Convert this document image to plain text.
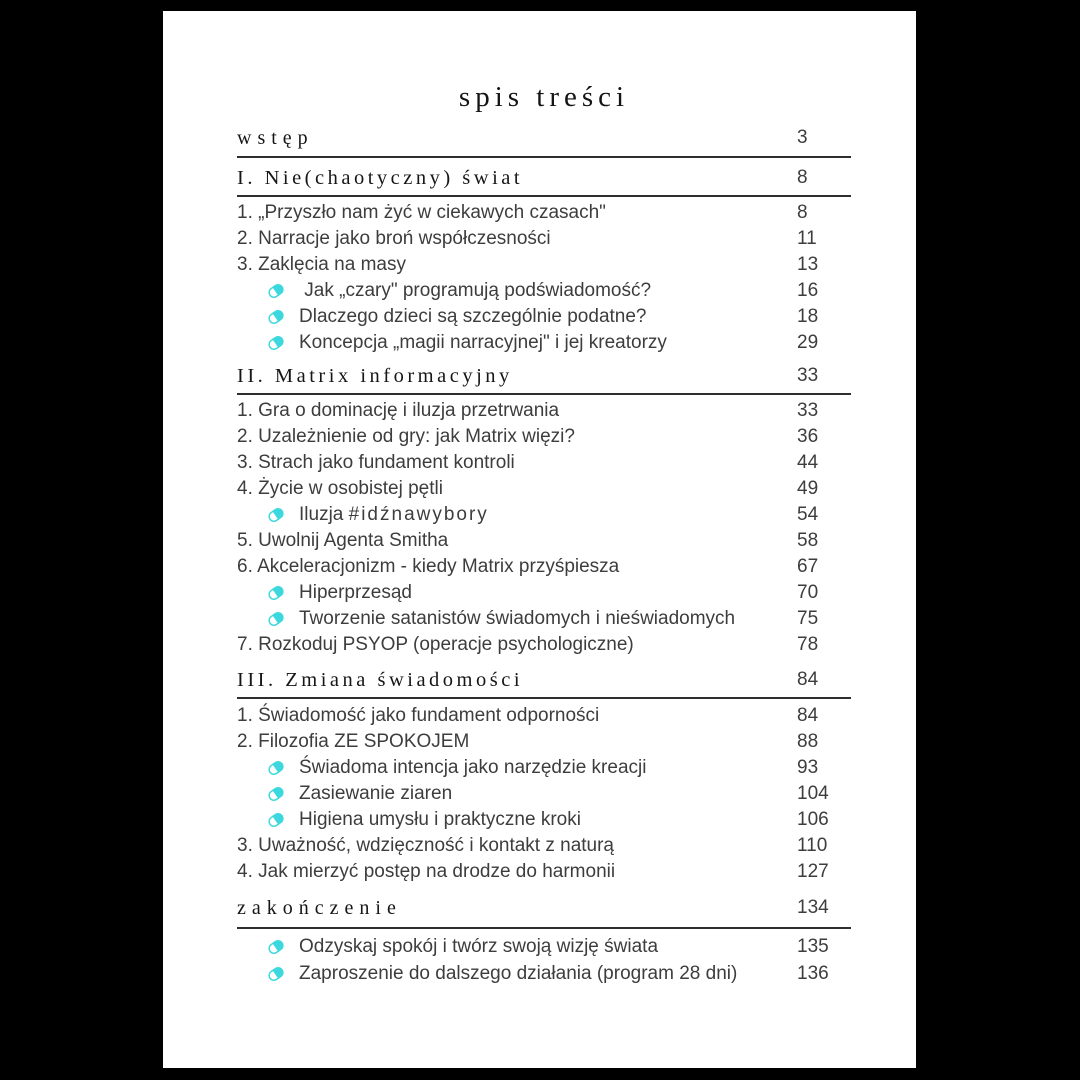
spis treści
wstęp	3
I. Nie(chaotyczny) świat	8
1. „Przyszło nam żyć w ciekawych czasach"	8
2. Narracje jako broń współczesności	11
3. Zaklęcia na masy	13
Jak „czary" programują podświadomość?	16
Dlaczego dzieci są szczególnie podatne?	18
Koncepcja „magii narracyjnej" i jej kreatorzy	29
II. Matrix informacyjny	33
1. Gra o dominację i iluzja przetrwania	33
2. Uzależnienie od gry: jak Matrix więzi?	36
3. Strach jako fundament kontroli	44
4. Życie w osobistej pętli	49
Iluzja #idźnawybory	54
5. Uwolnij Agenta Smitha	58
6. Akceleracjonizm - kiedy Matrix przyśpiesza	67
Hiperprzesąd	70
Tworzenie satanistów świadomych i nieświadomych	75
7. Rozkoduj PSYOP (operacje psychologiczne)	78
III. Zmiana świadomości	84
1. Świadomość jako fundament odporności	84
2. Filozofia ZE SPOKOJEM	88
Świadoma intencja jako narzędzie kreacji	93
Zasiewanie ziaren	104
Higiena umysłu i praktyczne kroki	106
3. Uważność, wdzięczność i kontakt z naturą	110
4. Jak mierzyć postęp na drodze do harmonii	127
zakończenie	134
Odzyskaj spokój i twórz swoją wizję świata	135
Zaproszenie do dalszego działania (program 28 dni)	136
